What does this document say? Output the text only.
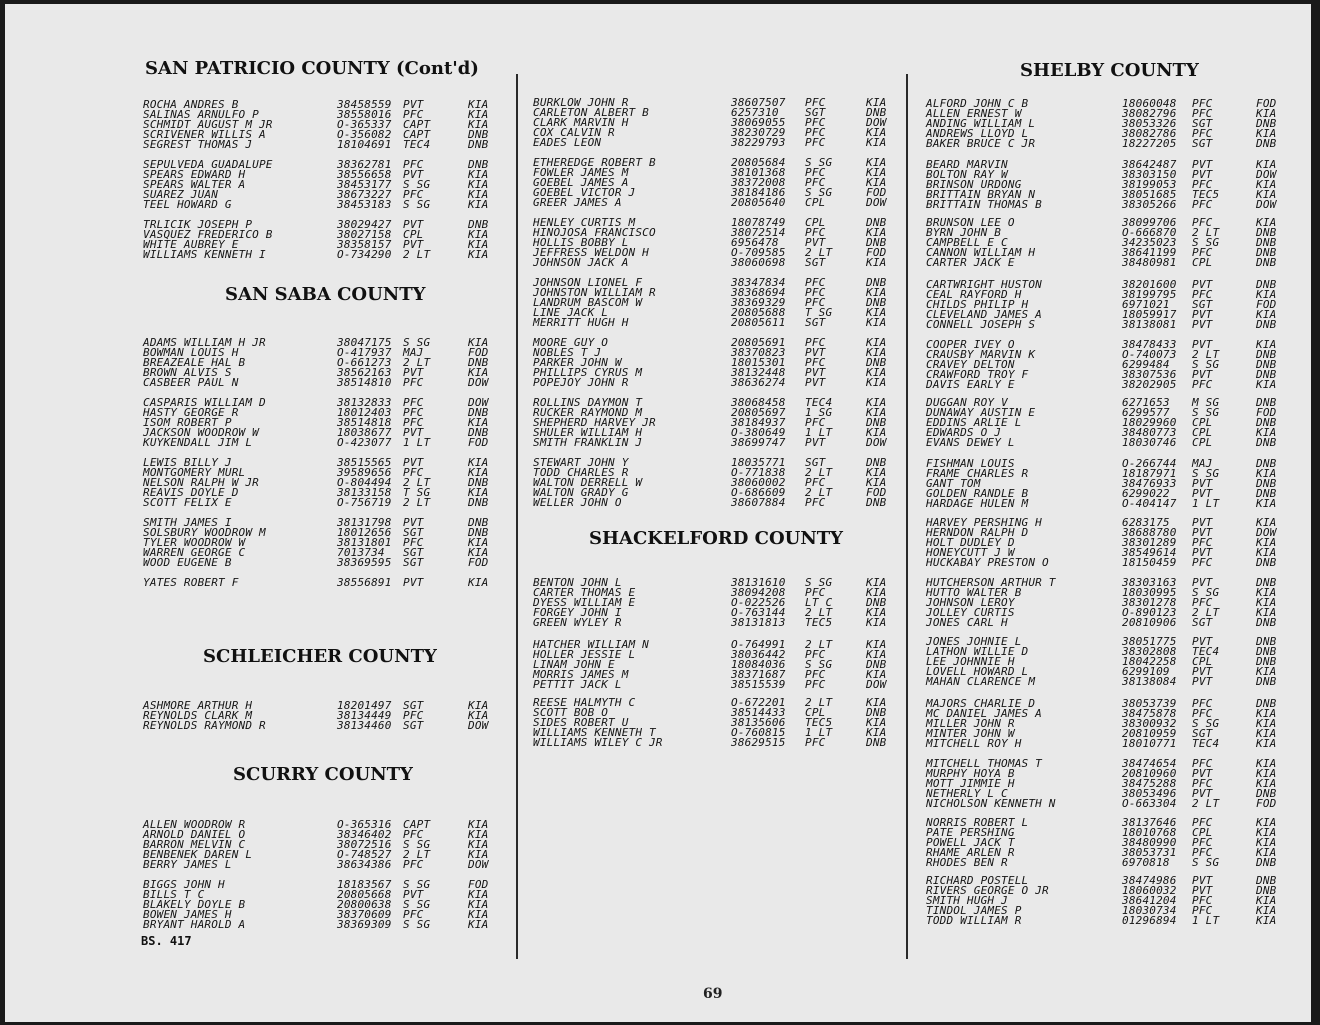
SAN PATRICIO COUNTY (Cont'd)
ROCHA ANDRES B	38458559 PVT	KIA
SALINAS ARNULFO P	38558016 PFC	KIA
SCHMIDT AUGUST M JR	O-365337 CAPT	KIA
SCRIVENER WILLIS A	O-356082 CAPT	DNB
SEGREST THOMAS J	18104691 TEC4	DNB
SEPULVEDA GUADALUPE	38362781 PFC	DNB
SPEARS EDWARD H	38556658 PVT	KIA
SPEARS WALTER A	38453177 S SG	KIA
SUAREZ JUAN	38673227 PFC	KIA
TEEL HOWARD G	38453183 S SG	KIA
TRLICIK JOSEPH P	38029427 PVT	DNB
VASQUEZ FREDERICO B	38027158 CPL	KIA
WHITE AUBREY E	38358157 PVT	KIA
WILLIAMS KENNETH I	O-734290 2 LT	KIA
SAN SABA COUNTY
ADAMS WILLIAM H JR	38047175 S SG	KIA
BOWMAN LOUIS H	O-417937 MAJ	FOD
BREAZEALE HAL B	O-661273 2 LT	DNB
BROWN ALVIS S	38562163 PVT	KIA
CASBEER PAUL N	38514810 PFC	DOW
CASPARIS WILLIAM D	38132833 PFC	DOW
HASTY GEORGE R	18012403 PFC	DNB
ISOM ROBERT P	38514818 PFC	KIA
JACKSON WOODROW W	18038677 PVT	DNB
KUYKENDALL JIM L	O-423077 1 LT	FOD
LEWIS BILLY J	38515565 PVT	KIA
MONTGOMERY MURL	39589656 PFC	KIA
NELSON RALPH W JR	O-804494 2 LT	DNB
REAVIS DOYLE D	38133158 T SG	KIA
SCOTT FELIX E	O-756719 2 LT	DNB
SMITH JAMES I	38131798 PVT	DNB
SOLSBURY WOODROW M	18012656 SGT	DNB
TYLER WOODROW W	38131801 PFC	KIA
WARREN GEORGE C	7013734 SGT	KIA
WOOD EUGENE B	38369595 SGT	FOD
YATES ROBERT F	38556891 PVT	KIA
SCHLEICHER COUNTY
ASHMORE ARTHUR H	18201497 SGT	KIA
REYNOLDS CLARK M	38134449 PFC	KIA
REYNOLDS RAYMOND R	38134460 SGT	DOW
SCURRY COUNTY
ALLEN WOODROW R	O-365316 CAPT	KIA
ARNOLD DANIEL O	38346402 PFC	KIA
BARRON MELVIN C	38072516 S SG	KIA
BENBENEK DAREN L	O-748527 2 LT	KIA
BERRY JAMES L	38634386 PFC	DOW
BIGGS JOHN H	18183567 S SG	FOD
BILLS T C	20805668 PVT	KIA
BLAKELY DOYLE B	20800638 S SG	KIA
BOWEN JAMES H	38370609 PFC	KIA
BRYANT HAROLD A	38369309 S SG	KIA
BURKLOW JOHN R	38607507 PFC	KIA
CARLETON ALBERT B	6257310 SGT	DNB
CLARK MARVIN H	38069055 PFC	DOW
COX CALVIN R	38230729 PFC	KIA
EADES LEON	38229793 PFC	KIA
ETHEREDGE ROBERT B	20805684 S SG	KIA
FOWLER JAMES M	38101368 PFC	KIA
GOEBEL JAMES A	38372008 PFC	KIA
GOEBEL VICTOR J	38184186 S SG	FOD
GREER JAMES A	20805640 CPL	DOW
HENLEY CURTIS M	18078749 CPL	DNB
HINOJOSA FRANCISCO	38072514 PFC	KIA
HOLLIS BOBBY L	6956478 PVT	DNB
JEFFRESS WELDON H	O-709585 2 LT	FOD
JOHNSON JACK A	38060698 SGT	KIA
JOHNSON LIONEL F	38347834 PFC	DNB
JOHNSTON WILLIAM R	38368694 PFC	KIA
LANDRUM BASCOM W	38369329 PFC	DNB
LINE JACK L	20805688 T SG	KIA
MERRITT HUGH H	20805611 SGT	KIA
MOORE GUY O	20805691 PFC	KIA
NOBLES T J	38370823 PVT	KIA
PARKER JOHN W	18015301 PFC	DNB
PHILLIPS CYRUS M	38132448 PVT	KIA
POPEJOY JOHN R	38636274 PVT	KIA
ROLLINS DAYMON T	38068458 TEC4	KIA
RUCKER RAYMOND M	20805697 1 SG	KIA
SHEPHERD HARVEY JR	38184937 PFC	DNB
SHULER WILLIAM H	O-380649 1 LT	KIA
SMITH FRANKLIN J	38699747 PVT	DOW
STEWART JOHN Y	18035771 SGT	DNB
TODD CHARLES R	O-771838 2 LT	KIA
WALTON DERRELL W	38060002 PFC	KIA
WALTON GRADY G	O-686609 2 LT	FOD
WELLER JOHN O	38607884 PFC	DNB
SHACKELFORD COUNTY
BENTON JOHN L	38131610 S SG	KIA
CARTER THOMAS E	38094208 PFC	KIA
DYESS WILLIAM E	O-022526 LT C	DNB
FORGEY JOHN I	O-763144 2 LT	KIA
GREEN WYLEY R	38131813 TEC5	KIA
HATCHER WILLIAM N	O-764991 2 LT	KIA
HOLLER JESSIE L	38036442 PFC	KIA
LINAM JOHN E	18084036 S SG	DNB
MORRIS JAMES M	38371687 PFC	KIA
PETTIT JACK L	38515539 PFC	DOW
REESE HALMYTH C	O-672201 2 LT	KIA
SCOTT BOB O	38514433 CPL	DNB
SIDES ROBERT U	38135606 TEC5	KIA
WILLIAMS KENNETH T	O-760815 1 LT	KIA
WILLIAMS WILEY C JR	38629515 PFC	DNB
SHELBY COUNTY
ALFORD JOHN C B	18060048 PFC	FOD
ALLEN ERNEST W	38082796 PFC	KIA
ANDING WILLIAM L	38053326 SGT	DNB
ANDREWS LLOYD L	38082786 PFC	KIA
BAKER BRUCE C JR	18227205 SGT	DNB
BEARD MARVIN	38642487 PVT	KIA
BOLTON RAY W	38303150 PVT	DOW
BRINSON URDONG	38199053 PFC	KIA
BRITTAIN BRYAN N	38051685 TEC5	KIA
BRITTAIN THOMAS B	38305266 PFC	DOW
BRUNSON LEE O	38099706 PFC	KIA
BYRN JOHN B	O-666870 2 LT	DNB
CAMPBELL E C	34235023 S SG	DNB
CANNON WILLIAM H	38641199 PFC	DNB
CARTER JACK E	38480981 CPL	DNB
CARTWRIGHT HUSTON	38201600 PVT	DNB
CEAL RAYFORD H	38199795 PFC	KIA
CHILDS PHILIP H	6971021 SGT	FOD
CLEVELAND JAMES A	18059917 PVT	KIA
CONNELL JOSEPH S	38138081 PVT	DNB
COOPER IVEY O	38478433 PVT	KIA
CRAUSBY MARVIN K	O-740073 2 LT	DNB
CRAVEY DELTON	6299484 S SG	DNB
CRAWFORD TROY F	38307536 PVT	DNB
DAVIS EARLY E	38202905 PFC	KIA
DUGGAN ROY V	6271653 M SG	DNB
DUNAWAY AUSTIN E	6299577 S SG	FOD
EDDINS ARLIE L	18029960 CPL	DNB
EDWARDS O J	38480773 CPL	KIA
EVANS DEWEY L	18030746 CPL	DNB
FISHMAN LOUIS	O-266744 MAJ	DNB
FRAME CHARLES R	18187971 S SG	KIA
GANT TOM	38476933 PVT	DNB
GOLDEN RANDLE B	6299022 PVT	DNB
HARDAGE HULEN M	O-404147 1 LT	KIA
HARVEY PERSHING H	6283175 PVT	KIA
HERNDON RALPH D	38688780 PVT	DOW
HOLT DUDLEY D	38301289 PFC	KIA
HONEYCUTT J W	38549614 PVT	KIA
HUCKABAY PRESTON O	18150459 PFC	DNB
HUTCHERSON ARTHUR T	38303163 PVT	DNB
HUTTO WALTER B	18030995 S SG	KIA
JOHNSON LEROY	38301278 PFC	KIA
JOLLEY CURTIS	O-890123 2 LT	KIA
JONES CARL H	20810906 SGT	DNB
JONES JOHNIE L	38051775 PVT	DNB
LATHON WILLIE D	38302808 TEC4	DNB
LEE JOHNNIE H	18042258 CPL	DNB
LOVELL HOWARD L	6299109 PVT	KIA
MAHAN CLARENCE M	38138084 PVT	DNB
MAJORS CHARLIE D	38053739 PFC	DNB
MC DANIEL JAMES A	38475878 PFC	KIA
MILLER JOHN R	38300932 S SG	KIA
MINTER JOHN W	20810959 SGT	KIA
MITCHELL ROY H	18010771 TEC4	KIA
MITCHELL THOMAS T	38474654 PFC	KIA
MURPHY HOYA B	20810960 PVT	KIA
MOTT JIMMIE H	38475288 PFC	KIA
NETHERLY L C	38053496 PVT	DNB
NICHOLSON KENNETH N	O-663304 2 LT	FOD
NORRIS ROBERT L	38137646 PFC	KIA
PATE PERSHING	18010768 CPL	KIA
POWELL JACK T	38480990 PFC	KIA
RHAME ARLEN R	38053731 PFC	KIA
RHODES BEN R	6970818 S SG	DNB
RICHARD POSTELL	38474986 PVT	DNB
RIVERS GEORGE O JR	18060032 PVT	DNB
SMITH HUGH J	38641204 PFC	KIA
TINDOL JAMES P	18030734 PFC	KIA
TODD WILLIAM R	01296894 1 LT	KIA
BS. 417
69
